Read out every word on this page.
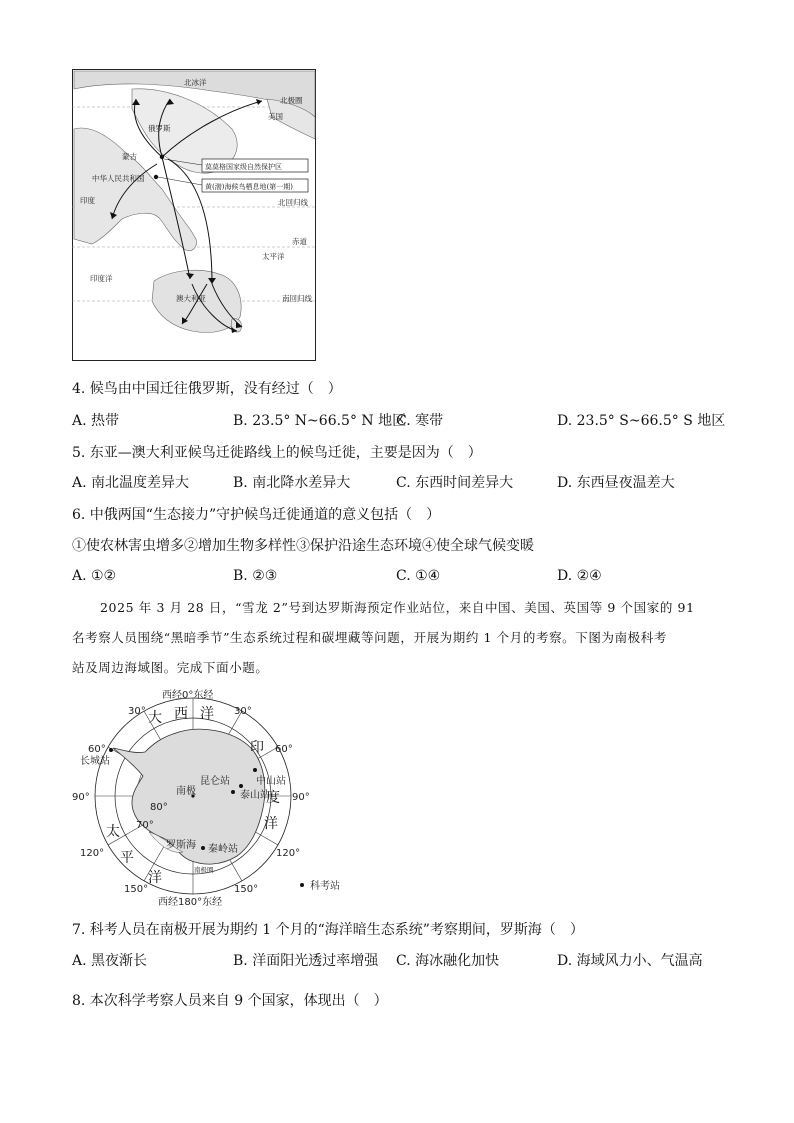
北冰洋
北极圈
美国
俄罗斯
蒙古
中华人民共和国
印度
莫莫格国家级自然保护区
黄(渤)海候鸟栖息地(第一期)
北回归线
赤道
太平洋
印度洋
澳大利亚	南回归线
4. 候鸟由中国迁往俄罗斯，没有经过（　）
A. 热带	B. 23.5° N~66.5° N 地区
C. 寒带	D. 23.5° S~66.5° S 地区
5. 东亚—澳大利亚候鸟迁徙路线上的候鸟迁徙，主要是因为（　）
A. 南北温度差异大	B. 南北降水差异大	C. 东西时间差异大	D. 东西昼夜温差大
6. 中俄两国“生态接力”守护候鸟迁徙通道的意义包括（　）
①使农林害虫增多②增加生物多样性③保护沿途生态环境④使全球气候变暖
A. ①②	B. ②③	C. ①④	D. ②④
2025 年 3 月 28 日，“雪龙 2”号到达罗斯海预定作业站位，来自中国、美国、英国等 9 个国家的 91
名考察人员围绕“黑暗季节”生态系统过程和碳埋藏等问题，开展为期约 1 个月的考察。下图为南极科考
站及周边海域图。完成下面小题。
西经0°东经
西经180°东经
30°	30°
60°	60°
90°	90°
120°	120°
150°	150°
80°
70°
长城站
昆仑站	中山站
南极	泰山站
罗斯海 秦岭站
南极圈
大 西 洋
印
度
洋
太
平
洋
科考站
7. 科考人员在南极开展为期约 1 个月的“海洋暗生态系统”考察期间，罗斯海（　）
A. 黑夜渐长	B. 洋面阳光透过率增强 C. 海冰融化加快	D. 海域风力小、气温高
8. 本次科学考察人员来自 9 个国家，体现出（　）
